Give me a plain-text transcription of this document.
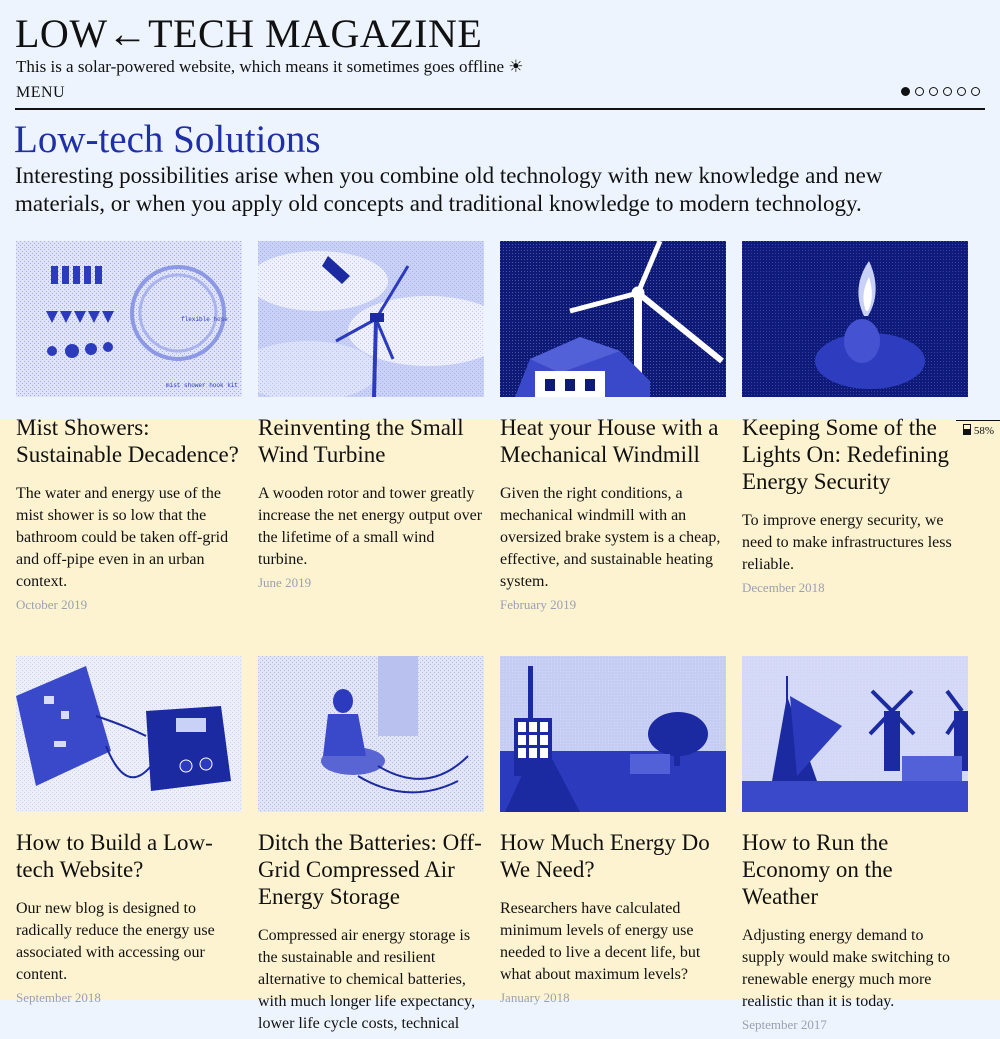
LOW←TECH MAGAZINE
This is a solar-powered website, which means it sometimes goes offline ☀
MENU
Low-tech Solutions

Interesting possibilities arise when you combine old technology with new knowledge and new materials, or when you apply old concepts and traditional knowledge to modern technology.

58%
mist shower hook kit
flexible hose
Mist Showers: Sustainable Decadence?

The water and energy use of the mist shower is so low that the bathroom could be taken off-grid and off-pipe even in an urban context.

October 2019
Reinventing the Small Wind Turbine

A wooden rotor and tower greatly increase the net energy output over the lifetime of a small wind turbine.

June 2019
Heat your House with a Mechanical Windmill

Given the right conditions, a mechanical windmill with an oversized brake system is a cheap, effective, and sustainable heating system.

February 2019
Keeping Some of the Lights On: Redefining Energy Security

To improve energy security, we need to make infrastructures less reliable.

December 2018
How to Build a Low-tech Website?

Our new blog is designed to radically reduce the energy use associated with accessing our content.

September 2018
Ditch the Batteries: Off-Grid Compressed Air Energy Storage

Compressed air energy storage is the sustainable and resilient alternative to chemical batteries, with much longer life expectancy, lower life cycle costs, technical

How Much Energy Do We Need?

Researchers have calculated minimum levels of energy use needed to live a decent life, but what about maximum levels?

January 2018
How to Run the Economy on the Weather

Adjusting energy demand to supply would make switching to renewable energy much more realistic than it is today.

September 2017
